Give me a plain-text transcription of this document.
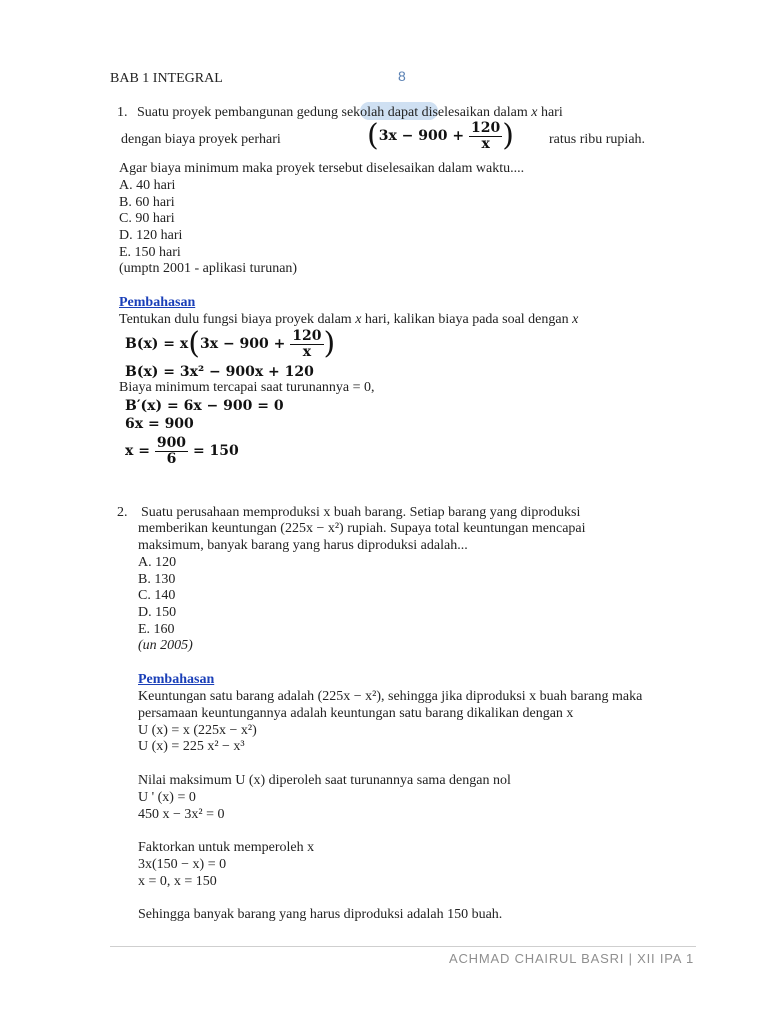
BAB 1 INTEGRAL	8
1. Suatu proyek pembangunan gedung sekolah dapat diselesaikan dalam x hari
dengan biaya proyek perhari	($3x - 900 + \frac{120}{x}$ )	ratus ribu rupiah.
Agar biaya minimum maka proyek tersebut diselesaikan dalam waktu....
A. 40 hari
B. 60 hari
C. 90 hari
D. 120 hari
E. 150 hari
(umptn 2001 - aplikasi turunan)
Pembahasan
Tentukan dulu fungsi biaya proyek dalam x hari, kalikan biaya pada soal dengan x
$B(x) = x(3x - 900 + \frac{120}{x}$ )
B(x) = 3x² − 900x + 120
Biaya minimum tercapai saat turunannya = 0,
B′(x) = 6x − 900 = 0
6x = 900
$x = \frac{900}{6} = 150$
2. Suatu perusahaan memproduksi x buah barang. Setiap barang yang diproduksi
memberikan keuntungan (225x − x²) rupiah. Supaya total keuntungan mencapai
maksimum, banyak barang yang harus diproduksi adalah...
A. 120
B. 130
C. 140
D. 150
E. 160
(un 2005)
Pembahasan
Keuntungan satu barang adalah (225x − x²), sehingga jika diproduksi x buah barang maka
persamaan keuntungannya adalah keuntungan satu barang dikalikan dengan x
U (x) = x (225x − x²)
U (x) = 225 x² − x³
Nilai maksimum U (x) diperoleh saat turunannya sama dengan nol
U ' (x) = 0
450 x − 3x² = 0
Faktorkan untuk memperoleh x
3x(150 − x) = 0
x = 0, x = 150
Sehingga banyak barang yang harus diproduksi adalah 150 buah.
ACHMAD CHAIRUL BASRI | XII IPA 1
